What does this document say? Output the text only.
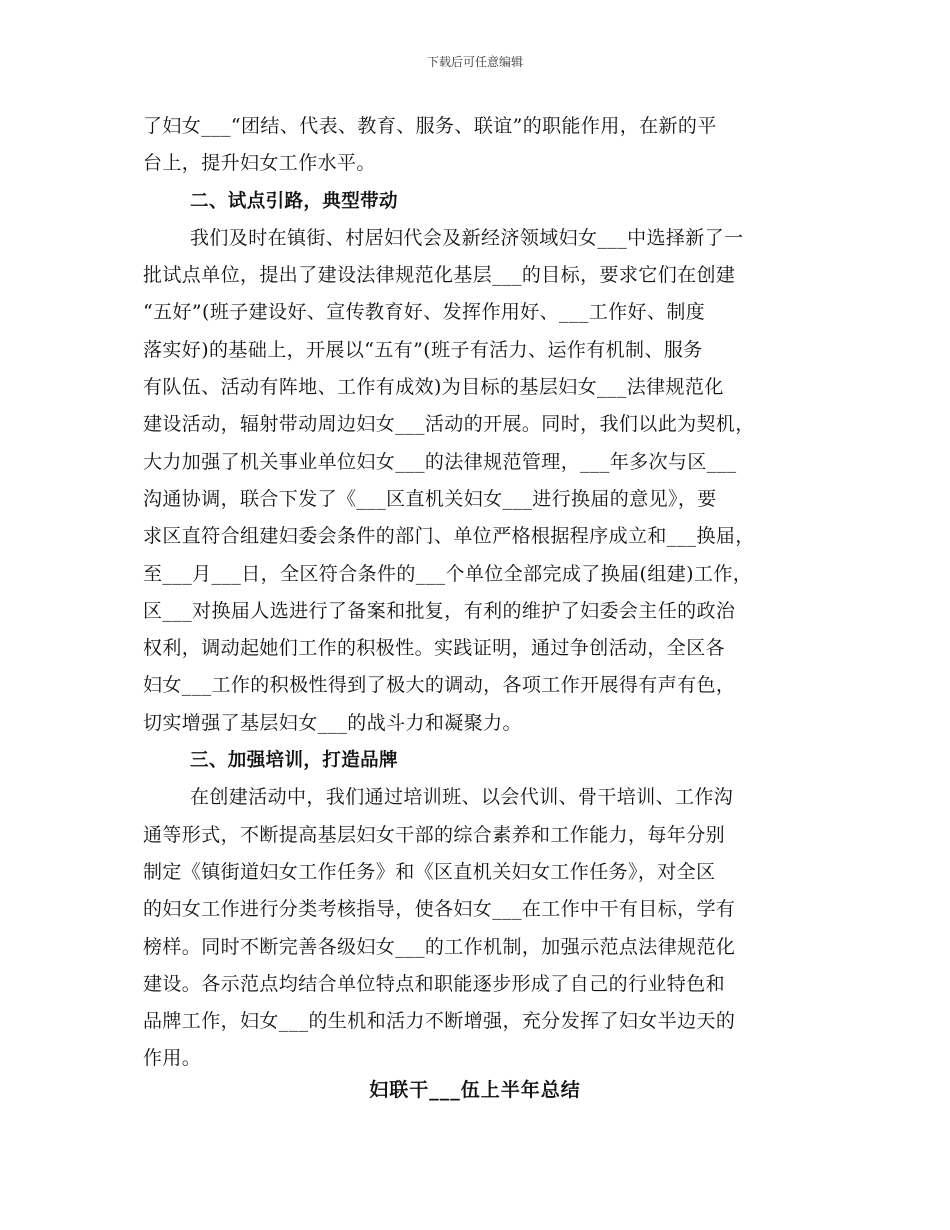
下载后可任意编辑
了妇女___“团结、代表、教育、服务、联谊”的职能作用，在新的平
台上，提升妇女工作水平。
二、试点引路，典型带动
我们及时在镇街、村居妇代会及新经济领域妇女___中选择新了一
批试点单位，提出了建设法律规范化基层___的目标，要求它们在创建
“五好”(班子建设好、宣传教育好、发挥作用好、___工作好、制度
落实好)的基础上，开展以“五有”(班子有活力、运作有机制、服务
有队伍、活动有阵地、工作有成效)为目标的基层妇女___法律规范化
建设活动，辐射带动周边妇女___活动的开展。同时，我们以此为契机，
大力加强了机关事业单位妇女___的法律规范管理，___年多次与区___
沟通协调，联合下发了《___区直机关妇女___进行换届的意见》，要
求区直符合组建妇委会条件的部门、单位严格根据程序成立和___换届，
至___月___日，全区符合条件的___个单位全部完成了换届(组建)工作，
区___对换届人选进行了备案和批复，有利的维护了妇委会主任的政治
权利，调动起她们工作的积极性。实践证明，通过争创活动，全区各
妇女___工作的积极性得到了极大的调动，各项工作开展得有声有色，
切实增强了基层妇女___的战斗力和凝聚力。
三、加强培训，打造品牌
在创建活动中，我们通过培训班、以会代训、骨干培训、工作沟
通等形式，不断提高基层妇女干部的综合素养和工作能力，每年分别
制定《镇街道妇女工作任务》和《区直机关妇女工作任务》，对全区
的妇女工作进行分类考核指导，使各妇女___在工作中干有目标，学有
榜样。同时不断完善各级妇女___的工作机制，加强示范点法律规范化
建设。各示范点均结合单位特点和职能逐步形成了自己的行业特色和
品牌工作，妇女___的生机和活力不断增强，充分发挥了妇女半边天的
作用。
妇联干___伍上半年总结
